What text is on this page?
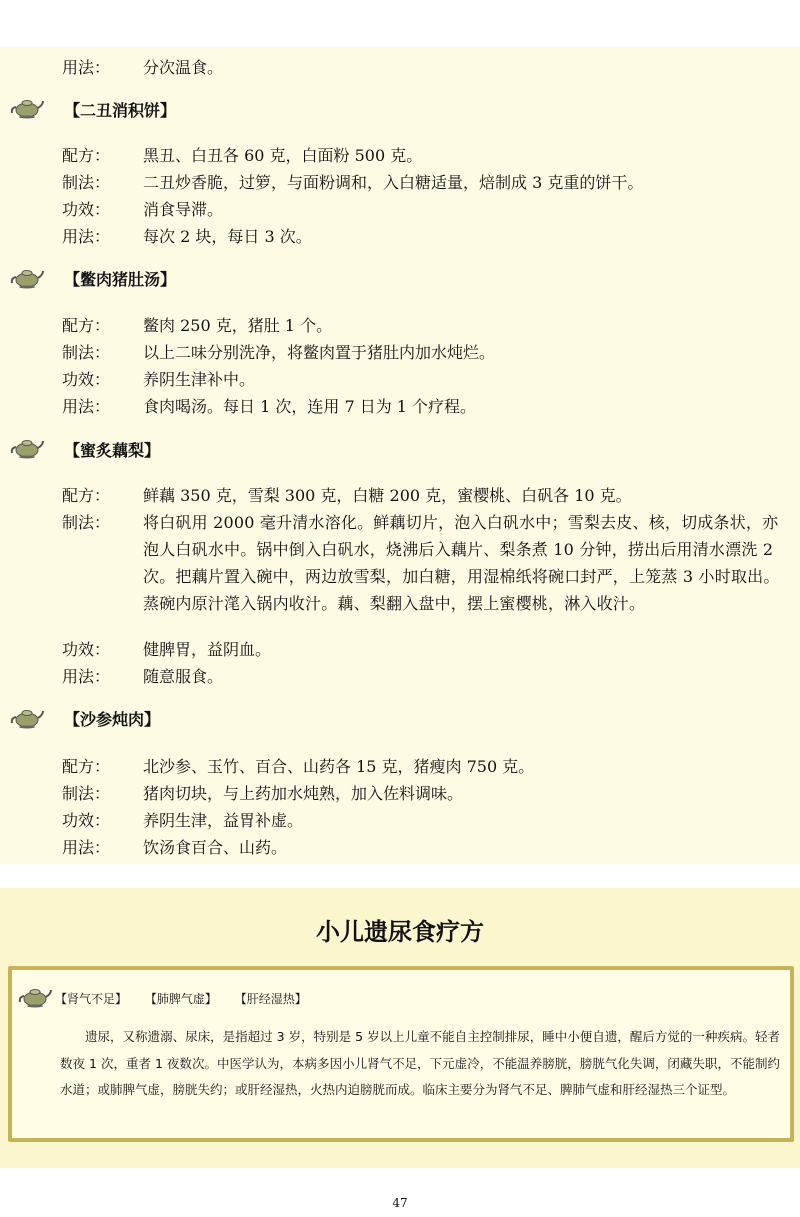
用法： 分次温食。
【二丑消积饼】
配方： 黑丑、白丑各 60 克，白面粉 500 克。
制法： 二丑炒香脆，过箩，与面粉调和，入白糖适量，焙制成 3 克重的饼干。
功效： 消食导滞。
用法： 每次 2 块，每日 3 次。
【鳖肉猪肚汤】
配方： 鳖肉 250 克，猪肚 1 个。
制法： 以上二味分别洗净，将鳖肉置于猪肚内加水炖烂。
功效： 养阴生津补中。
用法： 食肉喝汤。每日 1 次，连用 7 日为 1 个疗程。
【蜜炙藕梨】
配方： 鲜藕 350 克，雪梨 300 克，白糖 200 克，蜜樱桃、白矾各 10 克。
制法： 将白矾用 2000 毫升清水溶化。鲜藕切片，泡入白矾水中；雪梨去皮、核，切成条状，亦泡人白矾水中。锅中倒入白矾水，烧沸后入藕片、梨条煮 10 分钟，捞出后用清水漂洗 2 次。把藕片置入碗中，两边放雪梨，加白糖，用湿棉纸将碗口封严，上笼蒸 3 小时取出。蒸碗内原汁滗入锅内收汁。藕、梨翻入盘中，摆上蜜樱桃，淋入收汁。
功效： 健脾胃，益阴血。
用法： 随意服食。
【沙参炖肉】
配方： 北沙参、玉竹、百合、山药各 15 克，猪瘦肉 750 克。
制法： 猪肉切块，与上药加水炖熟，加入佐料调味。
功效： 养阴生津，益胃补虚。
用法： 饮汤食百合、山药。
小儿遗尿食疗方
【肾气不足】 【肺脾气虚】 【肝经湿热】
遗尿，又称遗溺、尿床，是指超过 3 岁，特别是 5 岁以上儿童不能自主控制排尿，睡中小便自遗，醒后方觉的一种疾病。轻者数夜 1 次，重者 1 夜数次。中医学认为，本病多因小儿肾气不足，下元虚冷，不能温养膀胱，膀胱气化失调，闭藏失职，不能制约水道；或肺脾气虚，膀胱失约；或肝经湿热，火热内迫膀胱而成。临床主要分为肾气不足、脾肺气虚和肝经湿热三个证型。
47
